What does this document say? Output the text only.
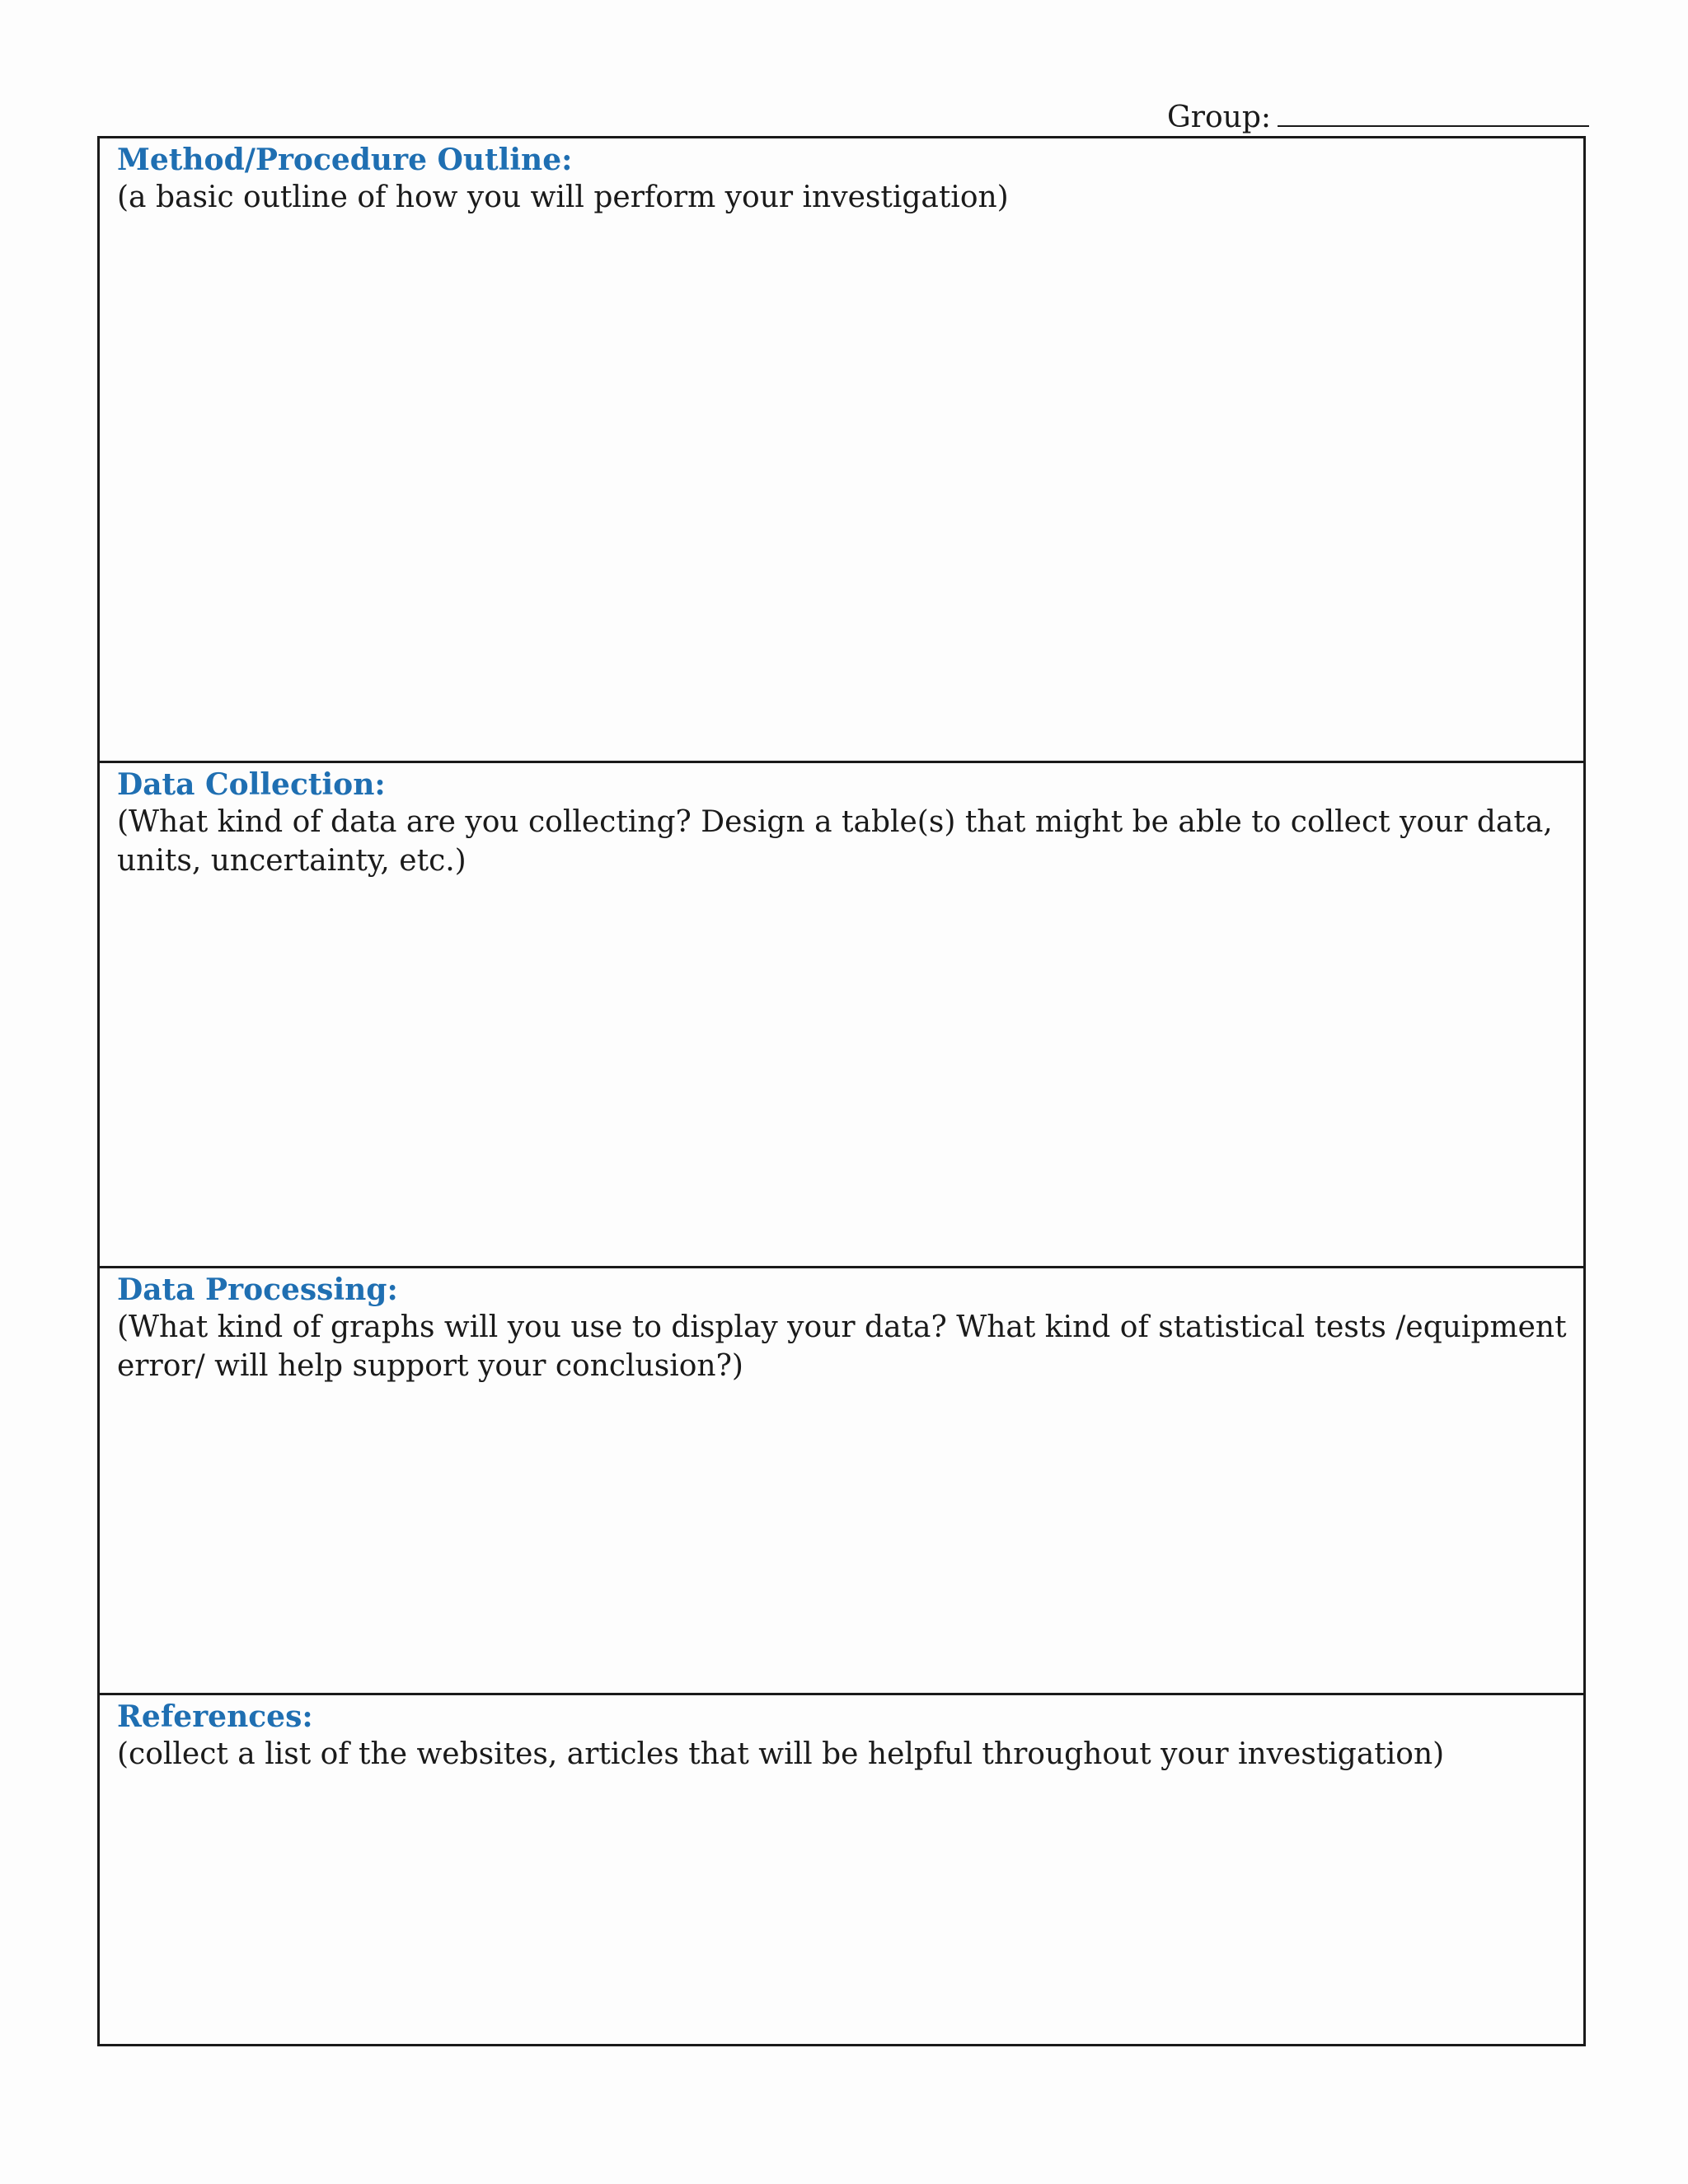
Group:

Method/Procedure Outline:

(a basic outline of how you will perform your investigation)

Data Collection:

(What kind of data are you collecting? Design a table(s) that might be able to collect your data, units, uncertainty, etc.)

Data Processing:

(What kind of graphs will you use to display your data? What kind of statistical tests /equipment error/ will help support your conclusion?)

References:

(collect a list of the websites, articles that will be helpful throughout your investigation)
